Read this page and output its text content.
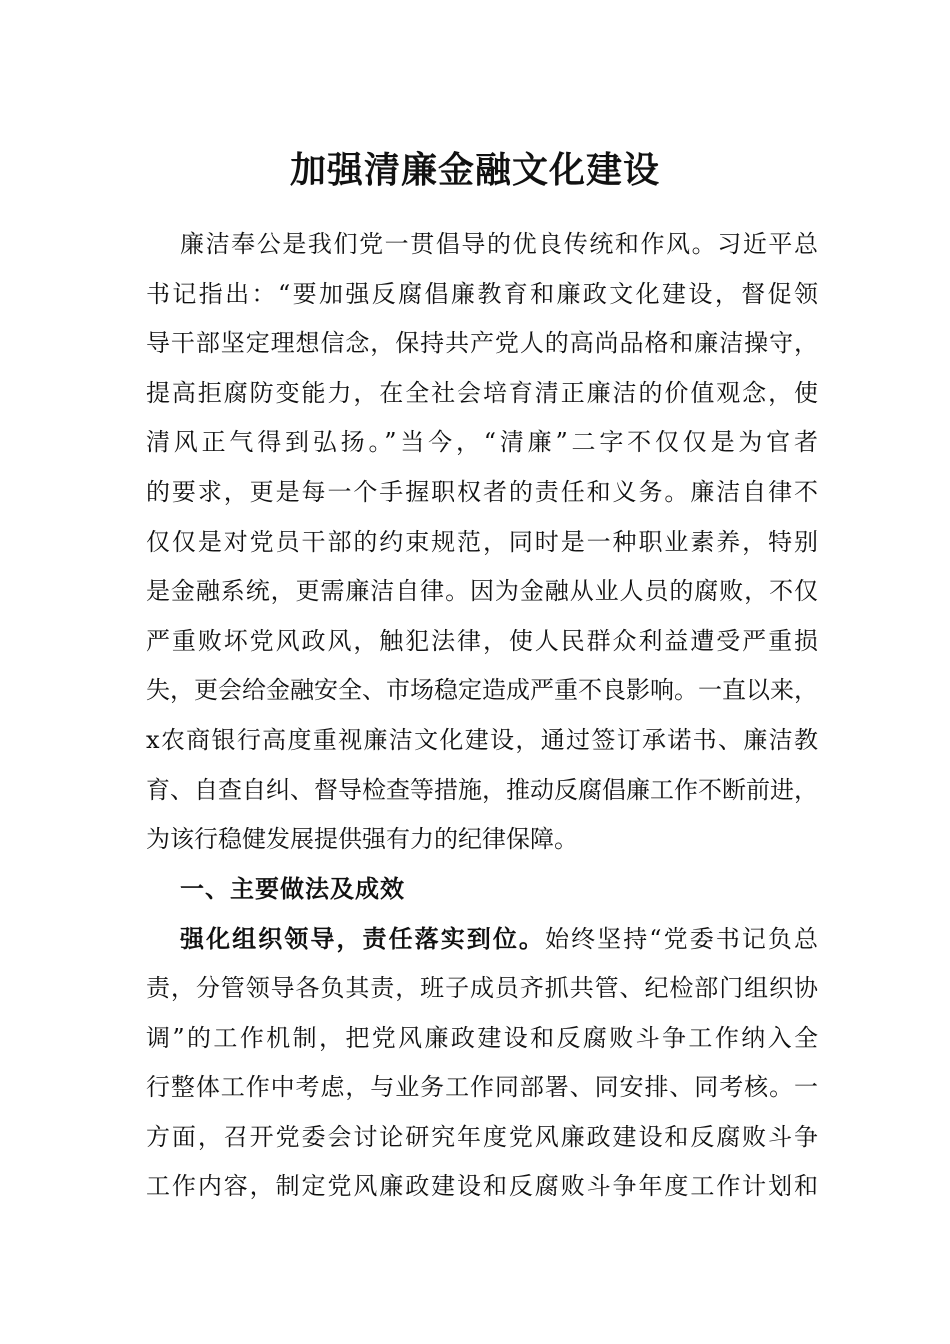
加强清廉金融文化建设
廉洁奉公是我们党一贯倡导的优良传统和作风。习近平总
书记指出：“要加强反腐倡廉教育和廉政文化建设，督促领
导干部坚定理想信念，保持共产党人的高尚品格和廉洁操守，
提高拒腐防变能力，在全社会培育清正廉洁的价值观念，使
清风正气得到弘扬。”当今，“清廉”二字不仅仅是为官者
的要求，更是每一个手握职权者的责任和义务。廉洁自律不
仅仅是对党员干部的约束规范，同时是一种职业素养，特别
是金融系统，更需廉洁自律。因为金融从业人员的腐败，不仅
严重败坏党风政风，触犯法律，使人民群众利益遭受严重损
失，更会给金融安全、市场稳定造成严重不良影响。一直以来，
x农商银行高度重视廉洁文化建设，通过签订承诺书、廉洁教
育、自查自纠、督导检查等措施，推动反腐倡廉工作不断前进，
为该行稳健发展提供强有力的纪律保障。
一、主要做法及成效
强化组织领导，责任落实到位。始终坚持“党委书记负总
责，分管领导各负其责，班子成员齐抓共管、纪检部门组织协
调”的工作机制，把党风廉政建设和反腐败斗争工作纳入全
行整体工作中考虑，与业务工作同部署、同安排、同考核。一
方面，召开党委会讨论研究年度党风廉政建设和反腐败斗争
工作内容，制定党风廉政建设和反腐败斗争年度工作计划和
